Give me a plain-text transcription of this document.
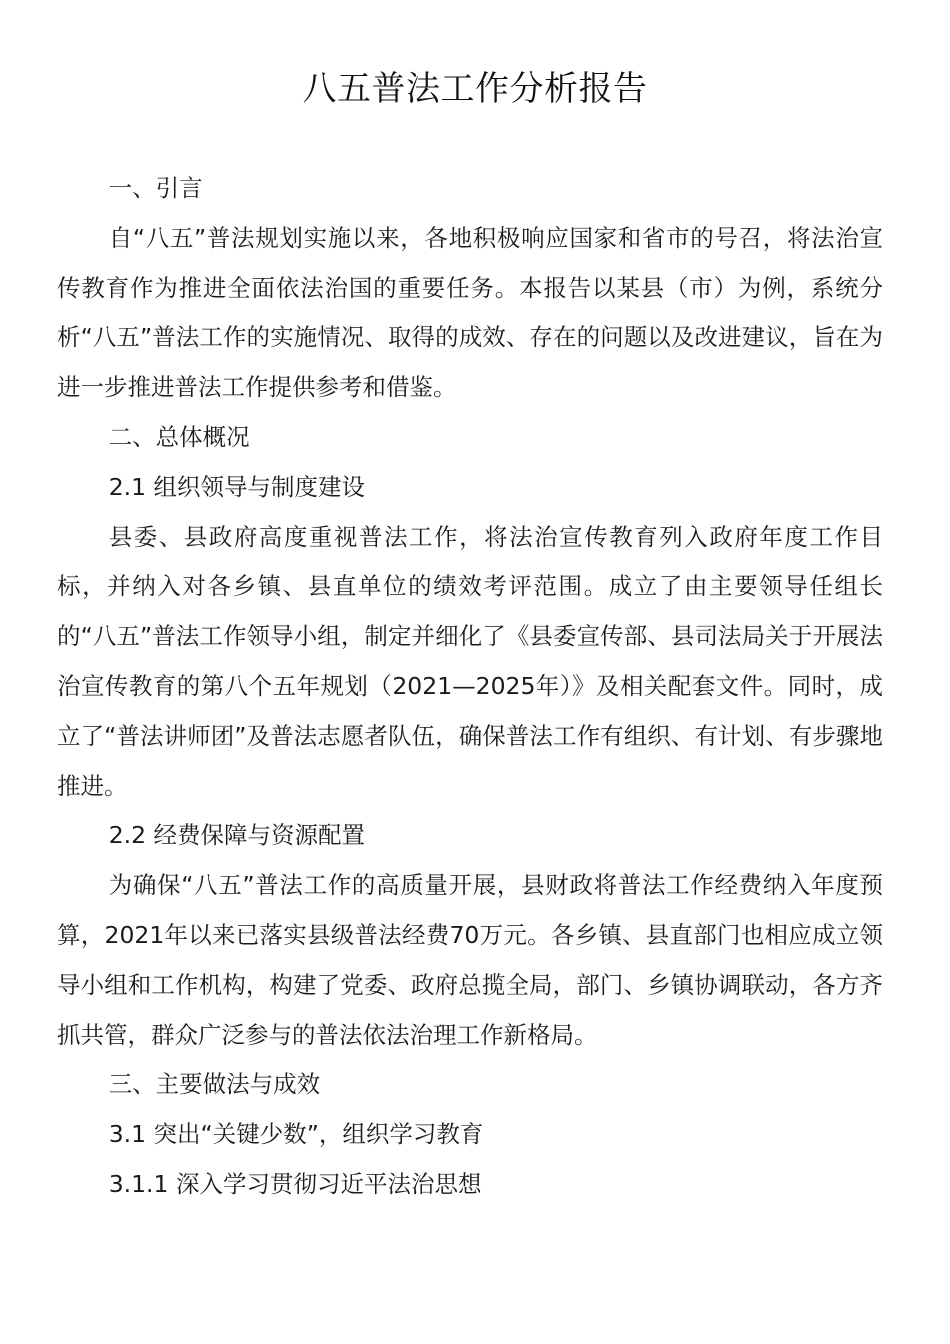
八五普法工作分析报告

一、引言

自“八五”普法规划实施以来，各地积极响应国家和省市的号召，将法治宣传教育作为推进全面依法治国的重要任务。本报告以某县（市）为例，系统分析“八五”普法工作的实施情况、取得的成效、存在的问题以及改进建议，旨在为进一步推进普法工作提供参考和借鉴。

二、总体概况

2.1 组织领导与制度建设

县委、县政府高度重视普法工作，将法治宣传教育列入政府年度工作目标，并纳入对各乡镇、县直单位的绩效考评范围。成立了由主要领导任组长的“八五”普法工作领导小组，制定并细化了《县委宣传部、县司法局关于开展法治宣传教育的第八个五年规划（2021—2025年）》及相关配套文件。同时，成立了“普法讲师团”及普法志愿者队伍，确保普法工作有组织、有计划、有步骤地推进。

2.2 经费保障与资源配置

为确保“八五”普法工作的高质量开展，县财政将普法工作经费纳入年度预算，2021年以来已落实县级普法经费70万元。各乡镇、县直部门也相应成立领导小组和工作机构，构建了党委、政府总揽全局，部门、乡镇协调联动，各方齐抓共管，群众广泛参与的普法依法治理工作新格局。

三、主要做法与成效

3.1 突出“关键少数”，组织学习教育

3.1.1 深入学习贯彻习近平法治思想
